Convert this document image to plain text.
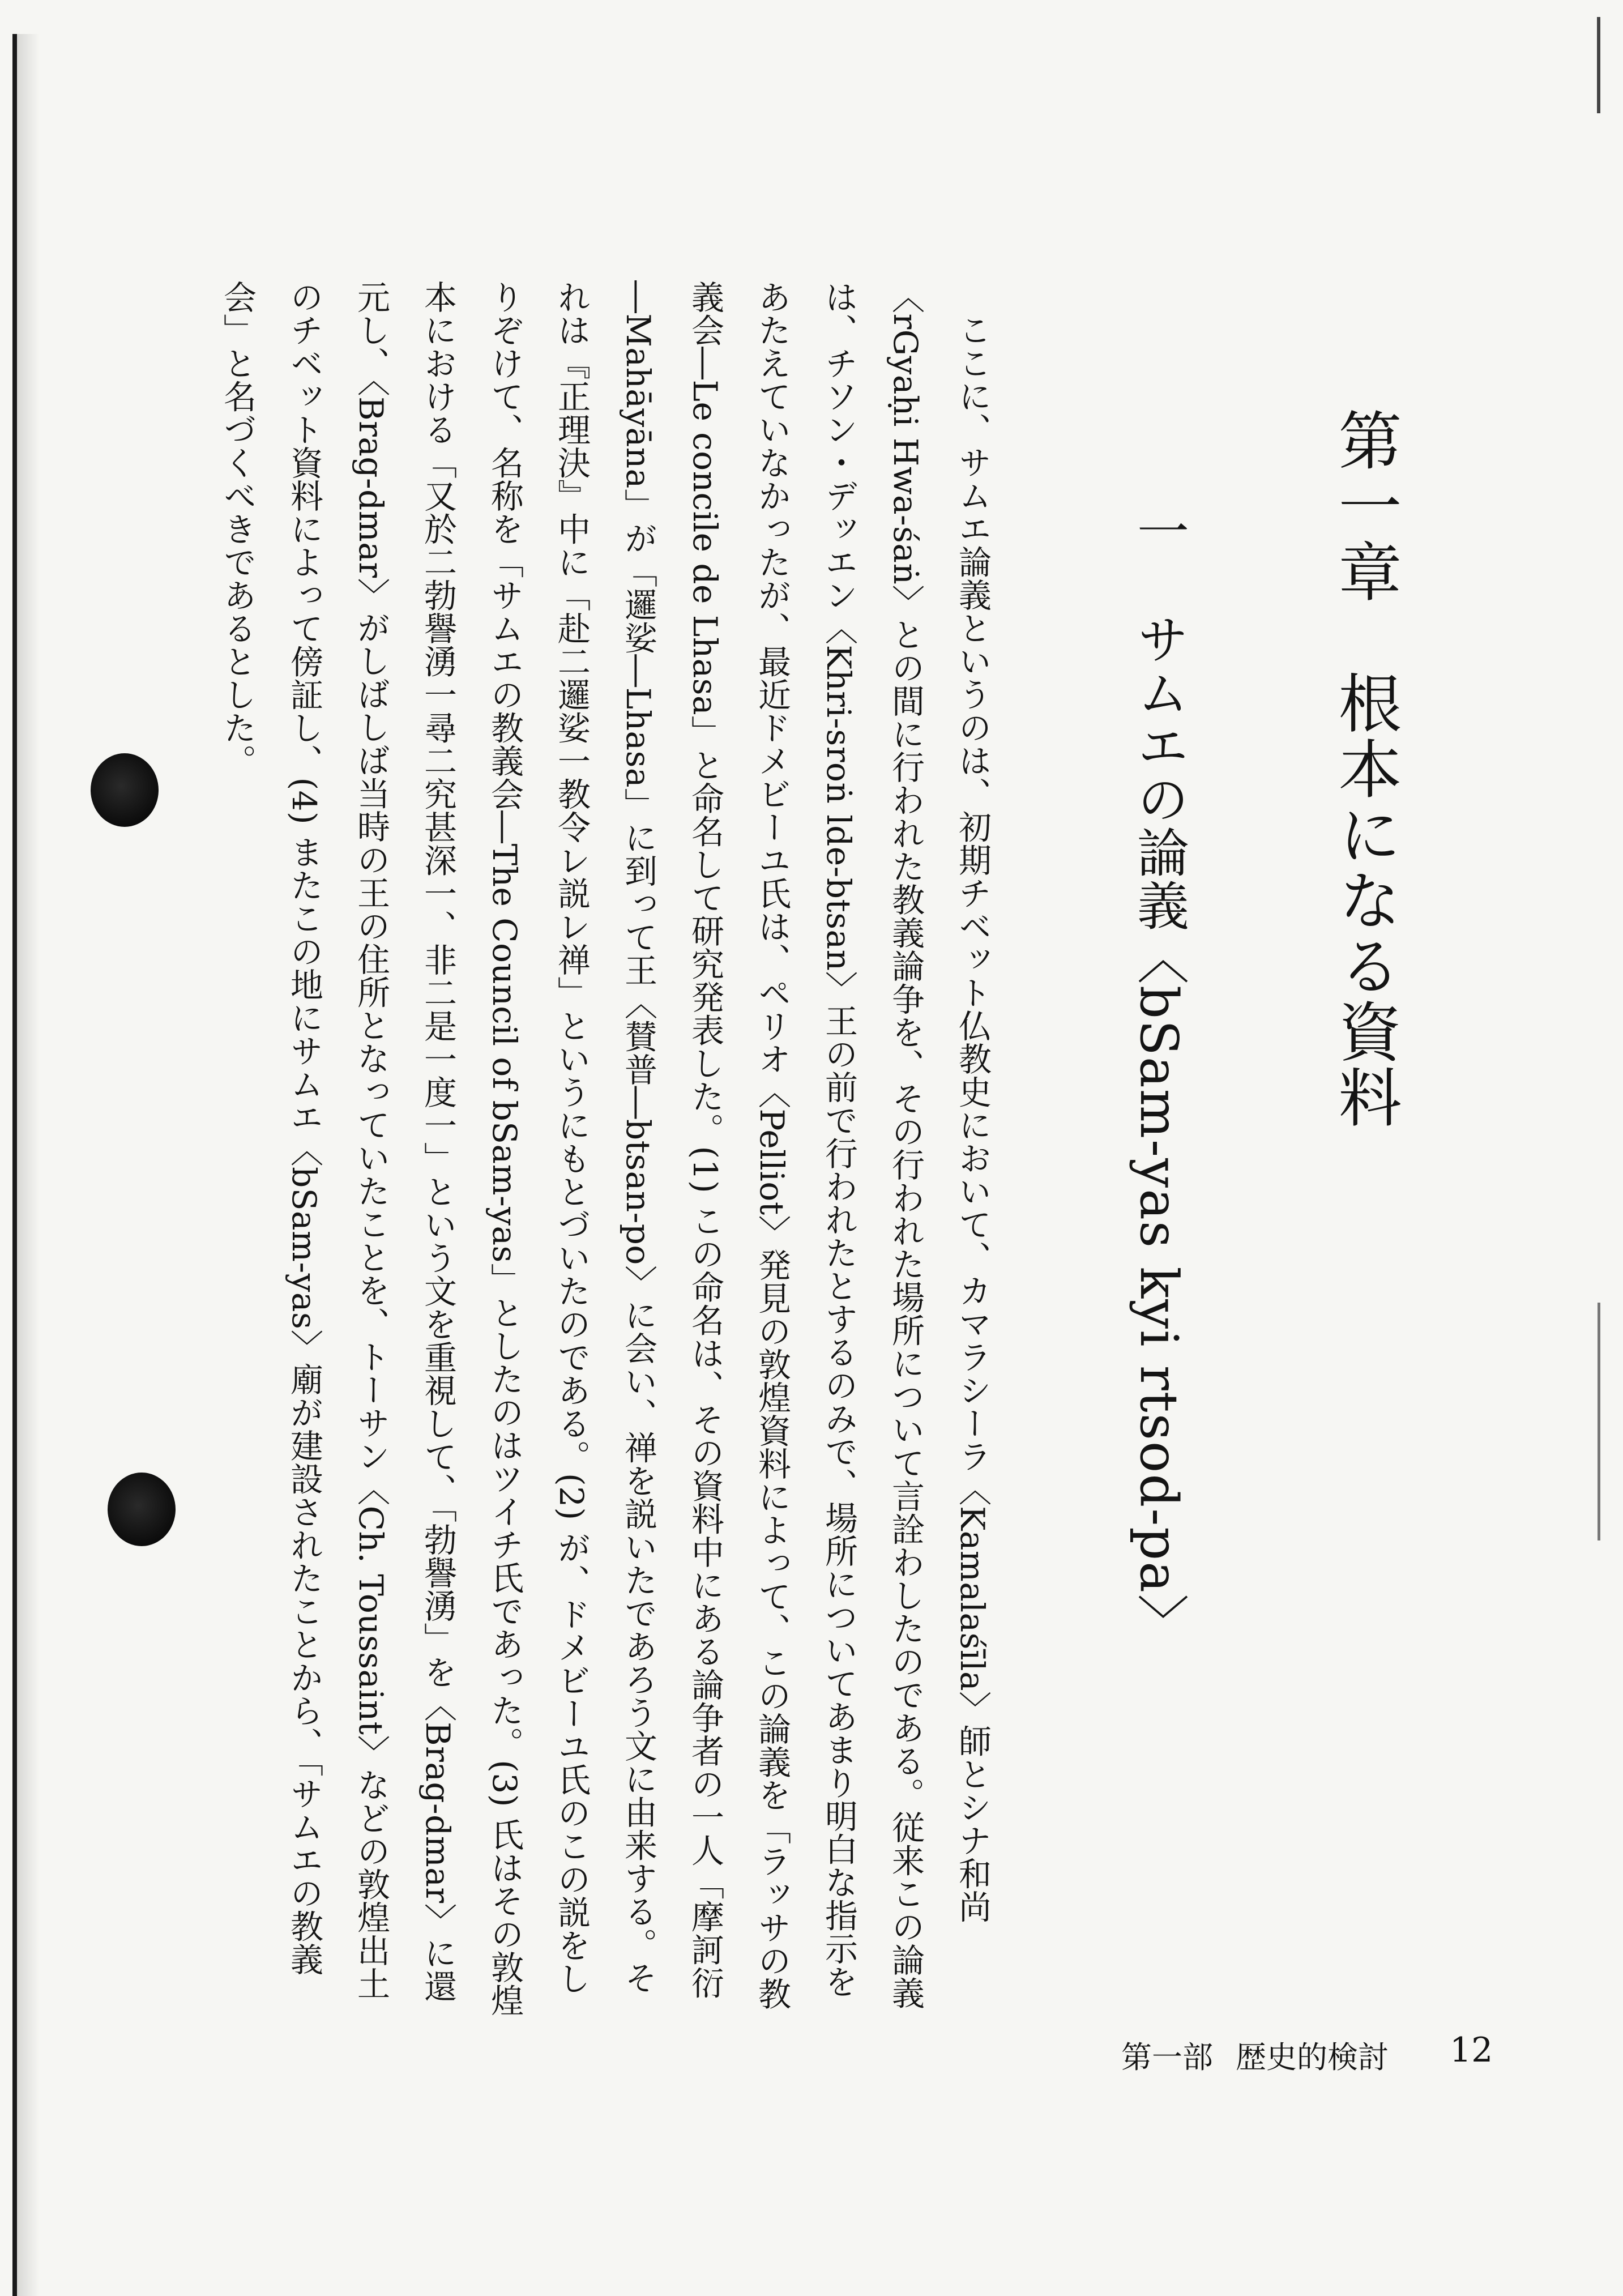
第一章　根本になる資料
一サムエの論義〈bSam-yas kyi rtsod-pa〉

ここに、サムエ論義というのは、初期チベット仏教史において、カマラシーラ〈Kamalaśīla〉師とシナ和尚〈rGyaḥi Hwa-śaṅ〉との間に行われた教義論争を、その行われた場所について言詮わしたのである。従来この論義は、チソン・デッエン〈Khri-sroṅ lde-btsan〉王の前で行われたとするのみで、場所についてあまり明白な指示をあたえていなかったが、最近ドメビーユ氏は、ペリオ〈Pelliot〉発見の敦煌資料によって、この論義を「ラッサの教義会―Le concile de Lhasa」と命名して研究発表した。(1) この命名は、その資料中にある論争者の一人「摩訶衍―Mahāyāna」が「邏娑―Lhasa」に到って王〈賛普―btsan-po〉に会い、禅を説いたであろう文に由来する。それは『正理決』中に「赴二邏娑一教令レ説レ禅」というにもとづいたのである。(2) が、ドメビーユ氏のこの説をしりぞけて、名称を「サムエの教義会―The Council of bSam-yas」としたのはツイチ氏であった。(3) 氏はその敦煌本における「又於二勃譽湧一尋二究甚深一、非二是一度一」という文を重視して、「勃譽湧」を〈Brag-dmar〉に還元し、〈Brag-dmar〉がしばしば当時の王の住所となっていたことを、トーサン〈Ch. Toussaint〉などの敦煌出土のチベット資料によって傍証し、(4) またこの地にサムエ〈bSam-yas〉廟が建設されたことから、「サムエの教義会」と名づくべきであるとした。

第一部 歴史的検討 12
